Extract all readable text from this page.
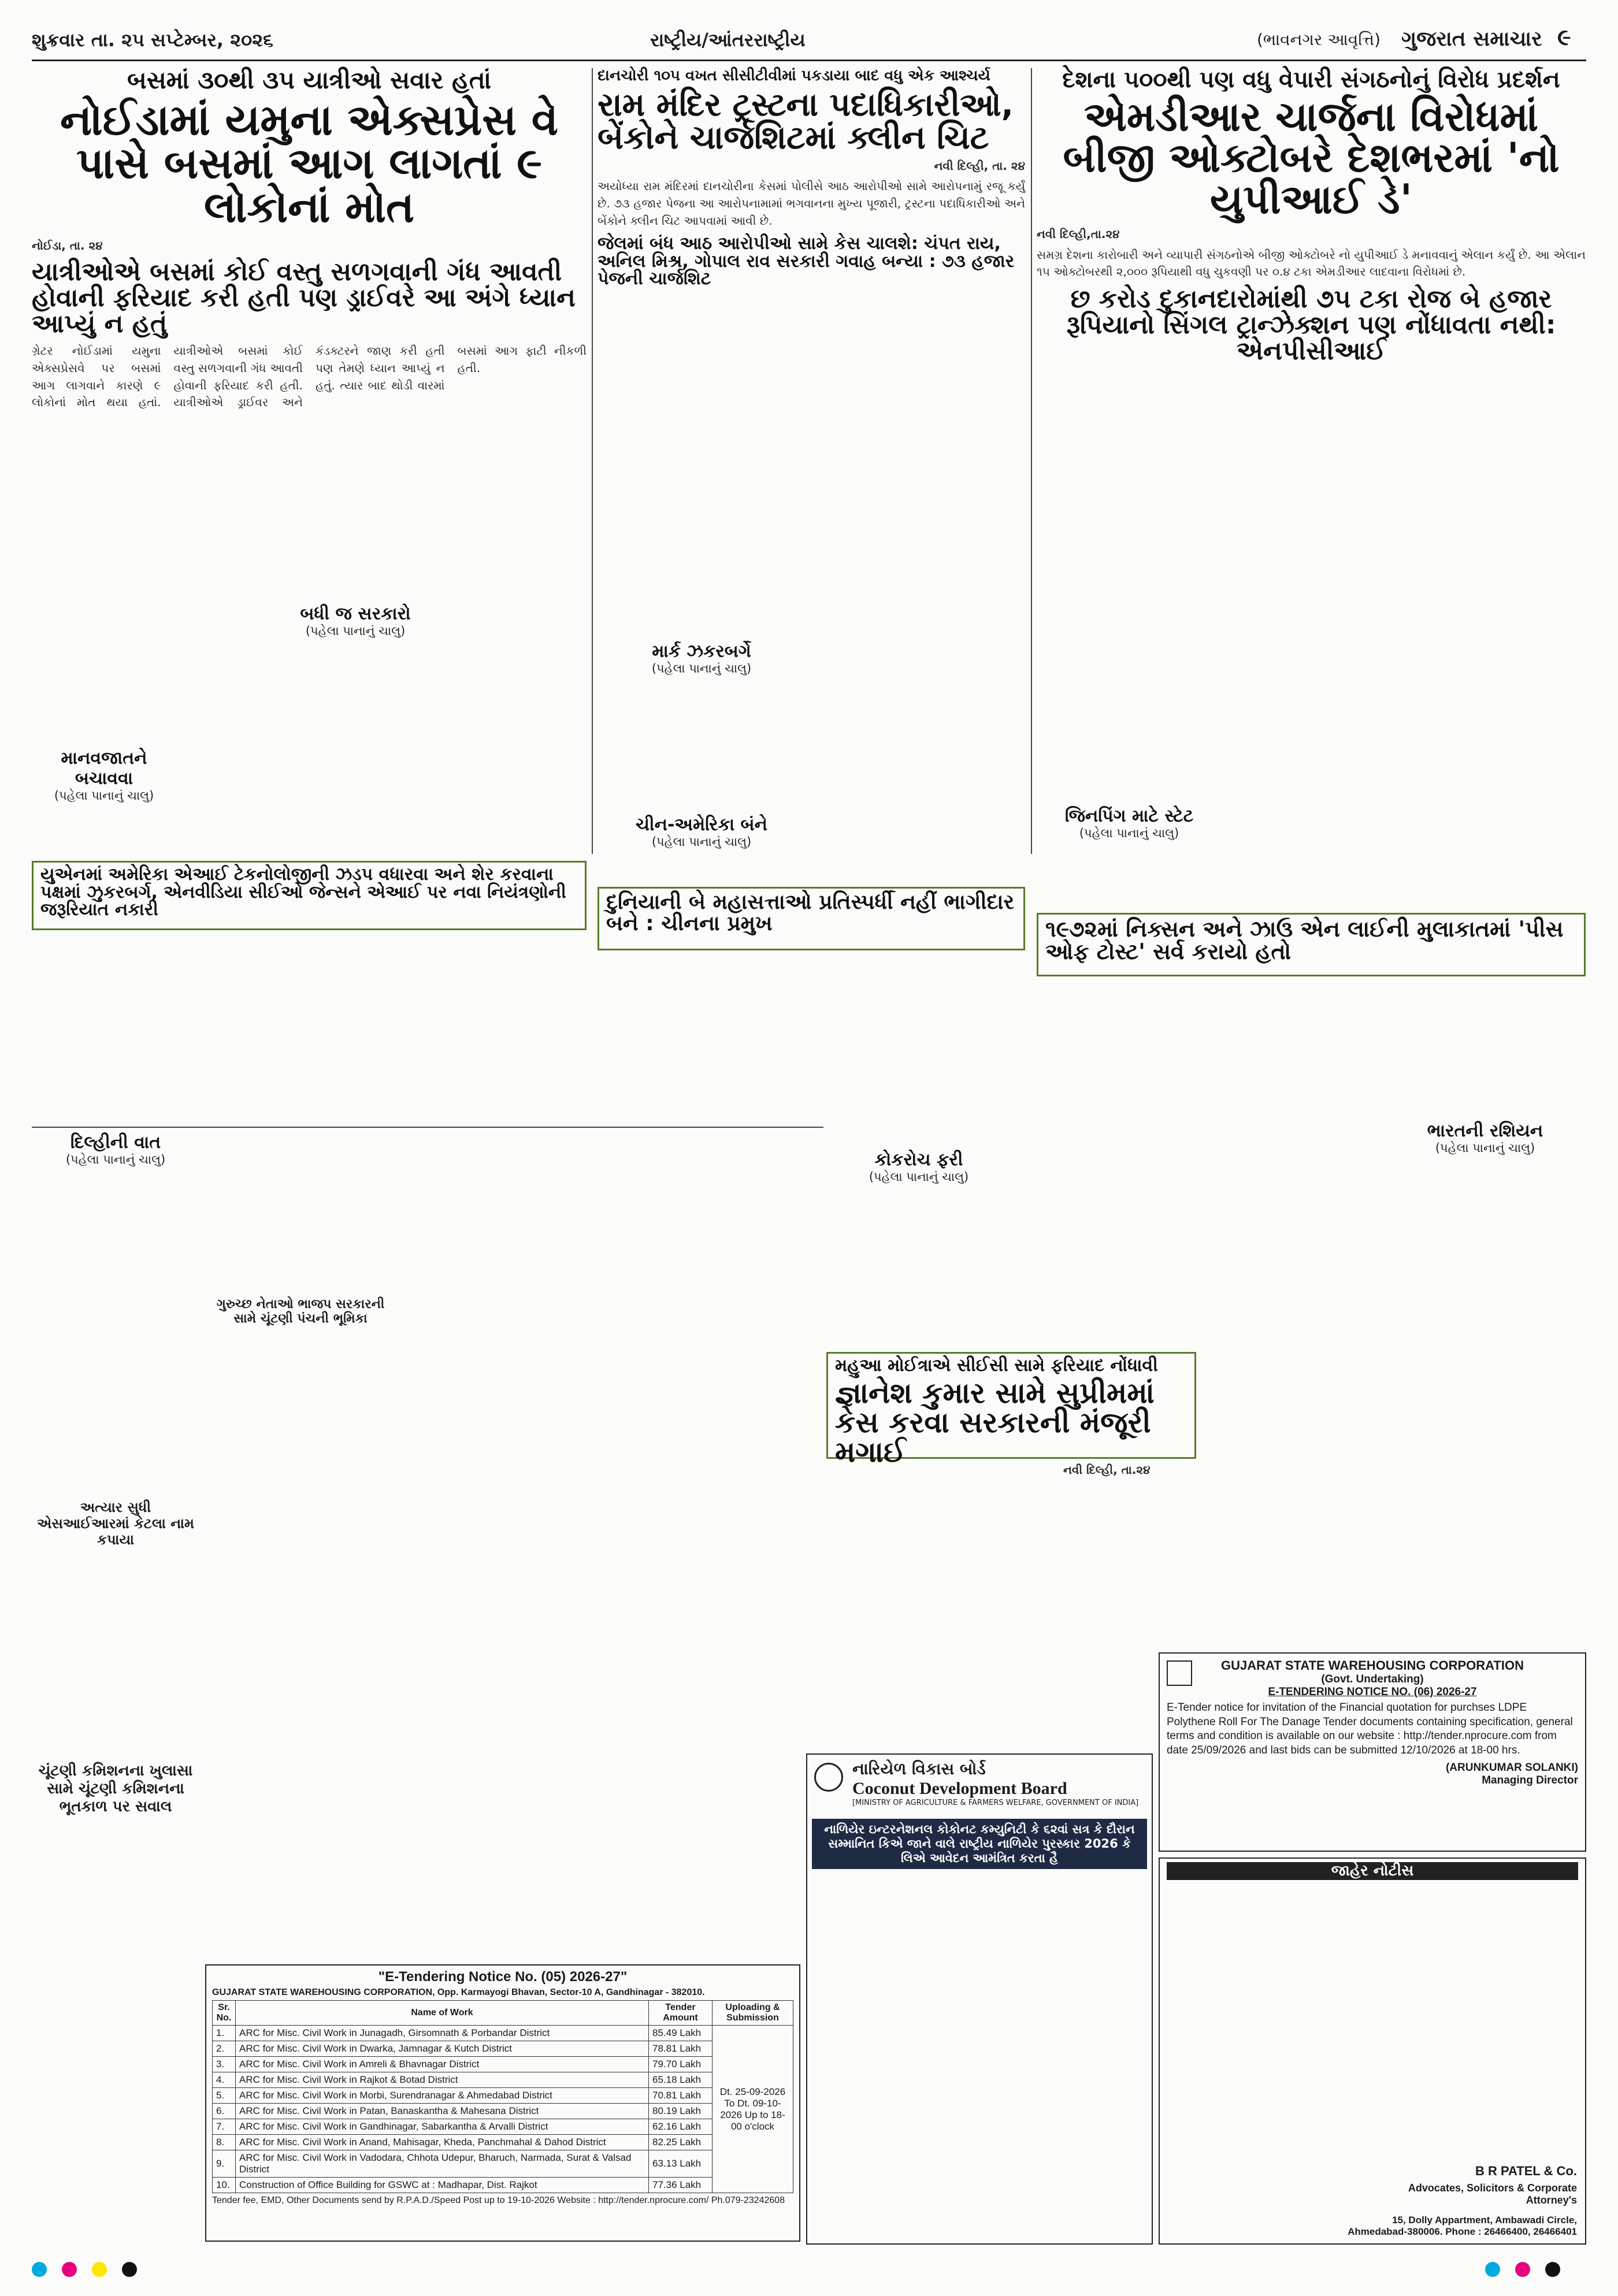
શુક્રવાર તા. ૨૫ સપ્ટેમ્બર, ૨૦૨૬	રાષ્ટ્રીય/આંતરરાષ્ટ્રીય	(ભાવનગર આવૃત્તિ) ગુજરાત સમાચાર ૯
બસમાં ૩૦થી ૩૫ યાત્રીઓ સવાર હતાં
નોઈડામાં યમુના એક્સપ્રેસ વે પાસે બસમાં આગ લાગતાં ૯ લોકોનાં મોત
નોઈડા, તા. ૨૪
યાત્રીઓએ બસમાં કોઈ વસ્તુ સળગવાની ગંધ આવતી હોવાની ફરિયાદ કરી હતી પણ ડ્રાઈવરે આ અંગે ધ્યાન આપ્યું ન હતું
ગ્રેટર નોઈડામાં યમુના એક્સપ્રેસવે પર બસમાં આગ લાગવાને કારણે ૯ લોકોનાં મોત થયા હતાં. યાત્રીઓએ બસમાં કોઈ વસ્તુ સળગવાની ગંધ આવતી હોવાની ફરિયાદ કરી હતી. યાત્રીઓએ ડ્રાઈવર અને કંડક્ટરને જાણ કરી હતી પણ તેમણે ધ્યાન આપ્યું ન હતું. ત્યાર બાદ થોડી વારમાં બસમાં આગ ફાટી નીકળી હતી.
દાનચોરી ૧૦૫ વખત સીસીટીવીમાં પકડાયા બાદ વધુ એક આશ્ચર્ય
રામ મંદિર ટ્રસ્ટના પદાધિકારીઓ, બેંકોને ચાર્જશિટમાં ક્લીન ચિટ
નવી દિલ્હી, તા. ૨૪
અયોધ્યા રામ મંદિરમાં દાનચોરીના કેસમાં પોલીસે આઠ આરોપીઓ સામે આરોપનામું રજૂ કર્યું છે. ૭૩ હજાર પેજના આ આરોપનામામાં ભગવાનના મુખ્ય પૂજારી, ટ્રસ્ટના પદાધિકારીઓ અને બેંકોને ક્લીન ચિટ આપવામાં આવી છે.
જેલમાં બંધ આઠ આરોપીઓ સામે કેસ ચાલશે: ચંપત રાય, અનિલ મિશ્ર, ગોપાલ રાવ સરકારી ગવાહ બન્યા : ૭૩ હજાર પેજની ચાર્જશિટ
દેશના ૫૦૦થી પણ વધુ વેપારી સંગઠનોનું વિરોધ પ્રદર્શન
એમડીઆર ચાર્જના વિરોધમાં બીજી ઓક્ટોબરે દેશભરમાં 'નો યુપીઆઈ ડે'
નવી દિલ્હી,તા.૨૪
સમગ્ર દેશના કારોબારી અને વ્યાપારી સંગઠનોએ બીજી ઓક્ટોબરે નો યુપીઆઈ ડે મનાવવાનું એલાન કર્યું છે. આ એલાન ૧૫ ઓક્ટોબરથી ૨,૦૦૦ રૂપિયાથી વધુ ચુકવણી પર ૦.૪ ટકા એમડીઆર લાદવાના વિરોધમાં છે.
છ કરોડ દુકાનદારોમાંથી ૭૫ ટકા રોજ બે હજાર રૂપિયાનો સિંગલ ટ્રાન્ઝેક્શન પણ નોંધાવતા નથી: એનપીસીઆઈ
બધી જ સરકારો
(પહેલા પાનાનું ચાલુ)
માનવજાતને બચાવવા
(પહેલા પાનાનું ચાલુ)
માર્ક ઝકરબર્ગે
(પહેલા પાનાનું ચાલુ)
ચીન-અમેરિકા બંને
(પહેલા પાનાનું ચાલુ)
જિનપિંગ માટે સ્ટેટ
(પહેલા પાનાનું ચાલુ)
યુએનમાં અમેરિકા એઆઈ ટેકનોલોજીની ઝડપ વધારવા અને શેર કરવાના પક્ષમાં ઝુકરબર્ગ, એનવીડિયા સીઈઓ જેન્સને એઆઈ પર નવા નિયંત્રણોની જરૂરિયાત નકારી	દુનિયાની બે મહાસત્તાઓ પ્રતિસ્પર્ધી નહીં ભાગીદાર બને : ચીનના પ્રમુખ	૧૯૭૨માં નિક્સન અને ઝાઉ એન લાઈની મુલાકાતમાં 'પીસ ઓફ ટોસ્ટ' સર્વ કરાયો હતો
કોકરોચ ફરી
(પહેલા પાનાનું ચાલુ)
ભારતની રશિયન
(પહેલા પાનાનું ચાલુ)
દિલ્હીની વાત
(પહેલા પાનાનું ચાલુ)
અત્યાર સુધી એસઆઈઆરમાં કેટલા નામ કપાયા
ચૂંટણી કમિશનના ખુલાસા સામે ચૂંટણી કમિશનના ભૂતકાળ પર સવાલ
ગુરુચ્છ નેતાઓ ભાજપ સરકારની સામે ચૂંટણી પંચની ભૂમિકા
મહુઆ મોઈત્રાએ સીઈસી સામે ફરિયાદ નોંધાવી
જ્ઞાનેશ કુમાર સામે સુપ્રીમમાં કેસ કરવા સરકારની મંજૂરી મગાઈ
નવી દિલ્હી, તા.૨૪
"E-Tendering Notice No. (05) 2026-27"
GUJARAT STATE WAREHOUSING CORPORATION, Opp. Karmayogi Bhavan, Sector-10 A, Gandhinagar - 382010.
Sr. No.	Name of Work	Tender Amount	Uploading & Submission
1.	ARC for Misc. Civil Work in Junagadh, Girsomnath & Porbandar District	85.49 Lakh	Dt. 25-09-2026 To Dt. 09-10-2026 Up to 18-00 o'clock
2.	ARC for Misc. Civil Work in Dwarka, Jamnagar & Kutch District	78.81 Lakh	
3.	ARC for Misc. Civil Work in Amreli & Bhavnagar District	79.70 Lakh	
4.	ARC for Misc. Civil Work in Rajkot & Botad District	65.18 Lakh	
5.	ARC for Misc. Civil Work in Morbi, Surendranagar & Ahmedabad District	70.81 Lakh	
6.	ARC for Misc. Civil Work in Patan, Banaskantha & Mahesana District	80.19 Lakh	
7.	ARC for Misc. Civil Work in Gandhinagar, Sabarkantha & Arvalli District	62.16 Lakh	
8.	ARC for Misc. Civil Work in Anand, Mahisagar, Kheda, Panchmahal & Dahod District	82.25 Lakh	
9.	ARC for Misc. Civil Work in Vadodara, Chhota Udepur, Bharuch, Narmada, Surat & Valsad District	63.13 Lakh	
10.	Construction of Office Building for GSWC at : Madhapar, Dist. Rajkot	77.36 Lakh	
Tender fee, EMD, Other Documents send by R.P.A.D./Speed Post up to 19-10-2026 Website : http://tender.nprocure.com/ Ph.079-23242608
નારિયેળ વિકાસ બોર્ડ
Coconut Development Board
[MINISTRY OF AGRICULTURE & FARMERS WELFARE, GOVERNMENT OF INDIA]
નાળિયેર ઇન્ટરનેશનલ કોકોનટ કમ્યુનિટી કે ૬૨વાં સત્ર કે દૌરાન સમ્માનિત કિએ જાને વાલે રાષ્ટ્રીય નાળિયેર પુરસ્કાર 2026 કે લિએ આવેદન આમંત્રિત કરતા હૈ
GUJARAT STATE WAREHOUSING CORPORATION
(Govt. Undertaking)
E-TENDERING NOTICE NO. (06) 2026-27
E-Tender notice for invitation of the Financial quotation for purchses LDPE Polythene Roll For The Danage Tender documents containing specification, general terms and condition is available on our website : http://tender.nprocure.com from date 25/09/2026 and last bids can be submitted 12/10/2026 at 18-00 hrs.
(ARUNKUMAR SOLANKI)
Managing Director
જાહેર નોટીસ
B R PATEL & Co.
Advocates, Solicitors & Corporate Attorney's
15, Dolly Appartment, Ambawadi Circle, Ahmedabad-380006. Phone : 26466400, 26466401
